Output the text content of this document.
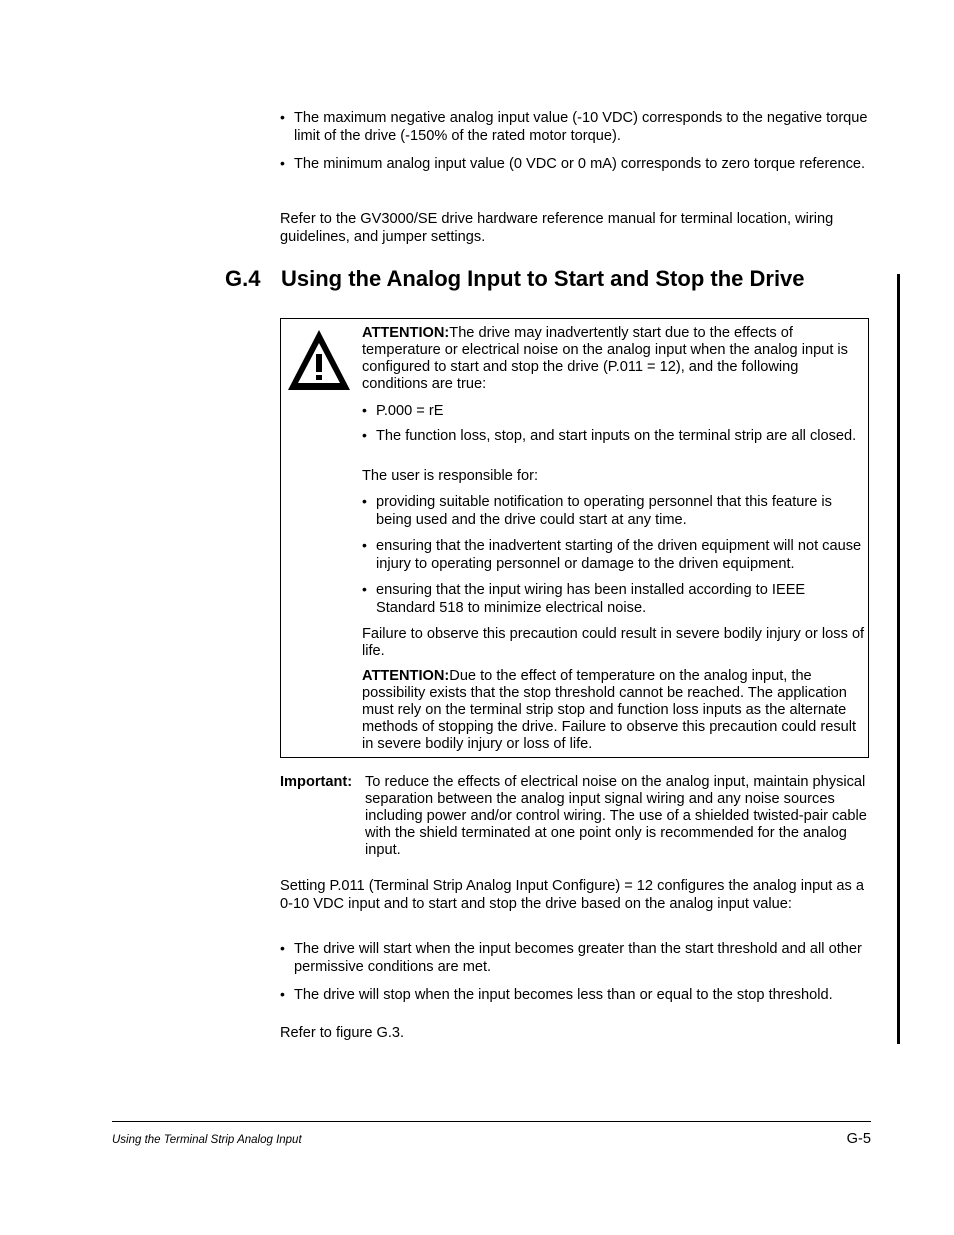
• The maximum negative analog input value (-10 VDC) corresponds to the negative torque limit of the drive (-150% of the rated motor torque).
• The minimum analog input value (0 VDC or 0 mA) corresponds to zero torque reference.

Refer to the GV3000/SE drive hardware reference manual for terminal location, wiring guidelines, and jumper settings.

G.4 Using the Analog Input to Start and Stop the Drive

ATTENTION:The drive may inadvertently start due to the effects of temperature or electrical noise on the analog input when the analog input is configured to start and stop the drive (P.011 = 12), and the following conditions are true:

• P.000 = rE
• The function loss, stop, and start inputs on the terminal strip are all closed.

The user is responsible for:

• providing suitable notification to operating personnel that this feature is being used and the drive could start at any time.
• ensuring that the inadvertent starting of the driven equipment will not cause injury to operating personnel or damage to the driven equipment.
• ensuring that the input wiring has been installed according to IEEE Standard 518 to minimize electrical noise.

Failure to observe this precaution could result in severe bodily injury or loss of life.

ATTENTION:Due to the effect of temperature on the analog input, the possibility exists that the stop threshold cannot be reached. The application must rely on the terminal strip stop and function loss inputs as the alternate methods of stopping the drive. Failure to observe this precaution could result in severe bodily injury or loss of life.

Important: To reduce the effects of electrical noise on the analog input, maintain physical separation between the analog input signal wiring and any noise sources including power and/or control wiring. The use of a shielded twisted-pair cable with the shield terminated at one point only is recommended for the analog input.

Setting P.011 (Terminal Strip Analog Input Configure) = 12 configures the analog input as a 0-10 VDC input and to start and stop the drive based on the analog input value:

• The drive will start when the input becomes greater than the start threshold and all other permissive conditions are met.
• The drive will stop when the input becomes less than or equal to the stop threshold.

Refer to figure G.3.

Using the Terminal Strip Analog Input	G-5
